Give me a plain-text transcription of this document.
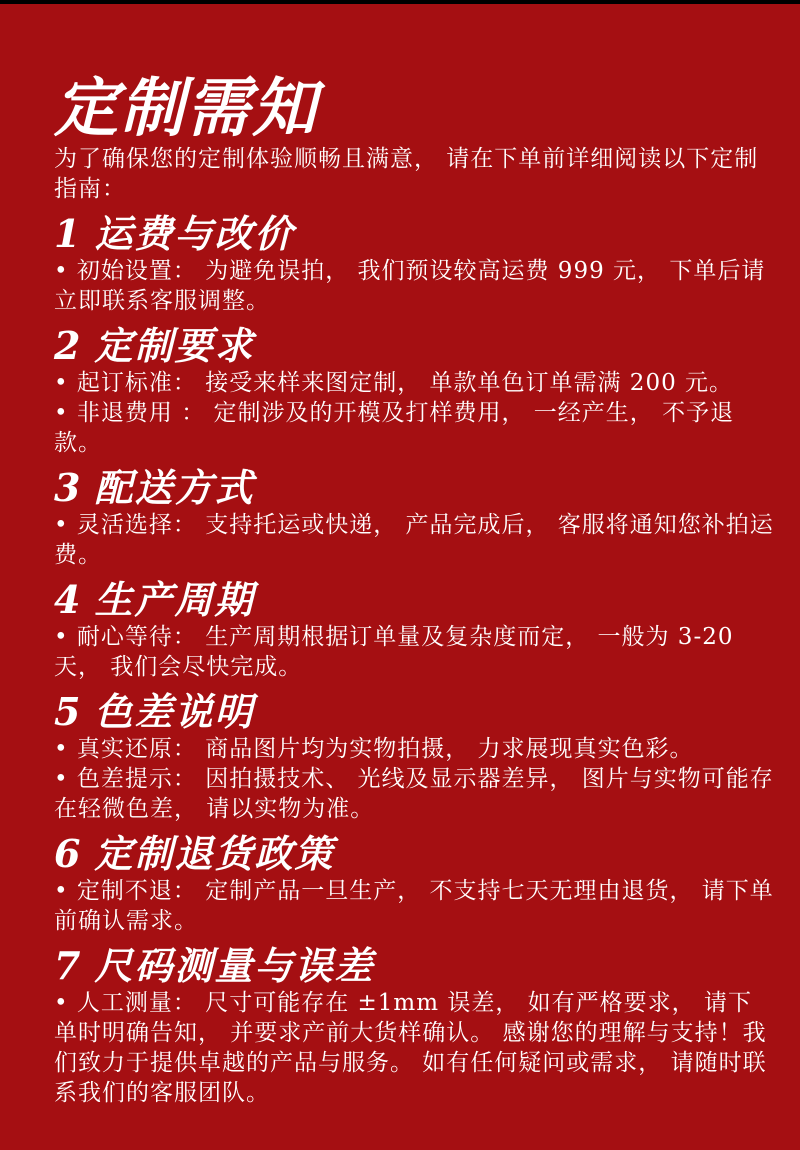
定制需知

为了确保您的定制体验顺畅且满意， 请在下单前详细阅读以下定制指南：

1 运费与改价

• 初始设置： 为避免误拍， 我们预设较高运费 999 元， 下单后请立即联系客服调整。

2 定制要求

• 起订标准： 接受来样来图定制， 单款单色订单需满 200 元。

• 非退费用 ： 定制涉及的开模及打样费用， 一经产生， 不予退款。

3 配送方式

• 灵活选择： 支持托运或快递， 产品完成后， 客服将通知您补拍运费。

4 生产周期

• 耐心等待： 生产周期根据订单量及复杂度而定， 一般为 3-20 天， 我们会尽快完成。

5 色差说明

• 真实还原： 商品图片均为实物拍摄， 力求展现真实色彩。

• 色差提示： 因拍摄技术、 光线及显示器差异， 图片与实物可能存在轻微色差， 请以实物为准。

6 定制退货政策

• 定制不退： 定制产品一旦生产， 不支持七天无理由退货， 请下单前确认需求。

7 尺码测量与误差

• 人工测量： 尺寸可能存在 ±1mm 误差， 如有严格要求， 请下单时明确告知， 并要求产前大货样确认。 感谢您的理解与支持！我们致力于提供卓越的产品与服务。 如有任何疑问或需求， 请随时联系我们的客服团队。
